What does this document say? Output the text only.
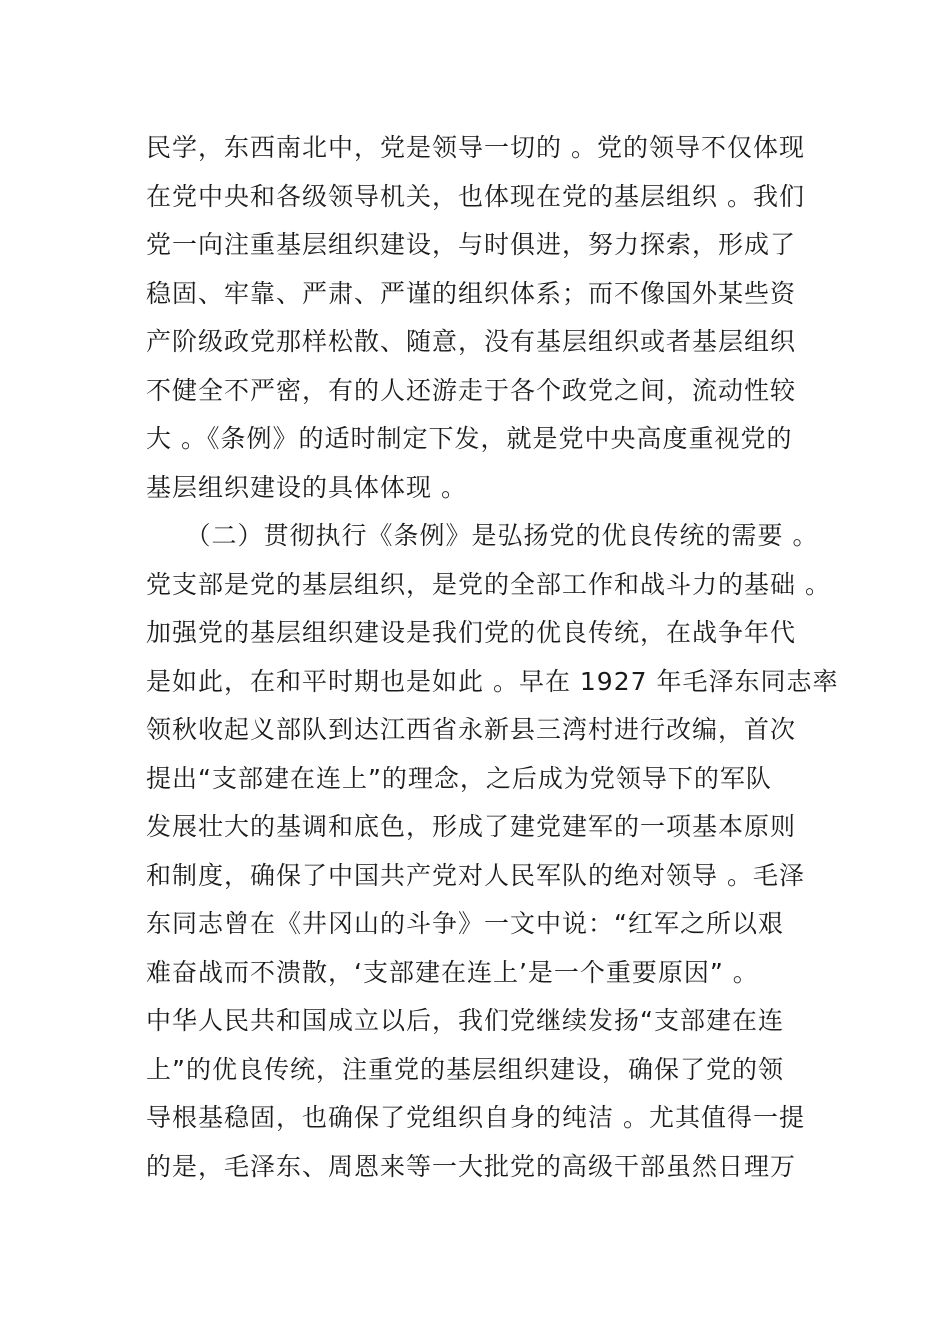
民学，东西南北中，党是领导一切的 。党的领导不仅体现
在党中央和各级领导机关，也体现在党的基层组织 。我们
党一向注重基层组织建设，与时俱进，努力探索，形成了
稳固、牢靠、严肃、严谨的组织体系；而不像国外某些资
产阶级政党那样松散、随意，没有基层组织或者基层组织
不健全不严密，有的人还游走于各个政党之间，流动性较
大 。《条例》的适时制定下发，就是党中央高度重视党的
基层组织建设的具体体现 。
　　（二）贯彻执行《条例》是弘扬党的优良传统的需要 。
党支部是党的基层组织，是党的全部工作和战斗力的基础 。
加强党的基层组织建设是我们党的优良传统，在战争年代
是如此，在和平时期也是如此 。早在 1927 年毛泽东同志率
领秋收起义部队到达江西省永新县三湾村进行改编，首次
提出“支部建在连上”的理念，之后成为党领导下的军队
发展壮大的基调和底色，形成了建党建军的一项基本原则
和制度，确保了中国共产党对人民军队的绝对领导 。毛泽
东同志曾在《井冈山的斗争》一文中说：“红军之所以艰
难奋战而不溃散，‘支部建在连上’是一个重要原因” 。
中华人民共和国成立以后，我们党继续发扬“支部建在连
上”的优良传统，注重党的基层组织建设，确保了党的领
导根基稳固，也确保了党组织自身的纯洁 。尤其值得一提
的是，毛泽东、周恩来等一大批党的高级干部虽然日理万
